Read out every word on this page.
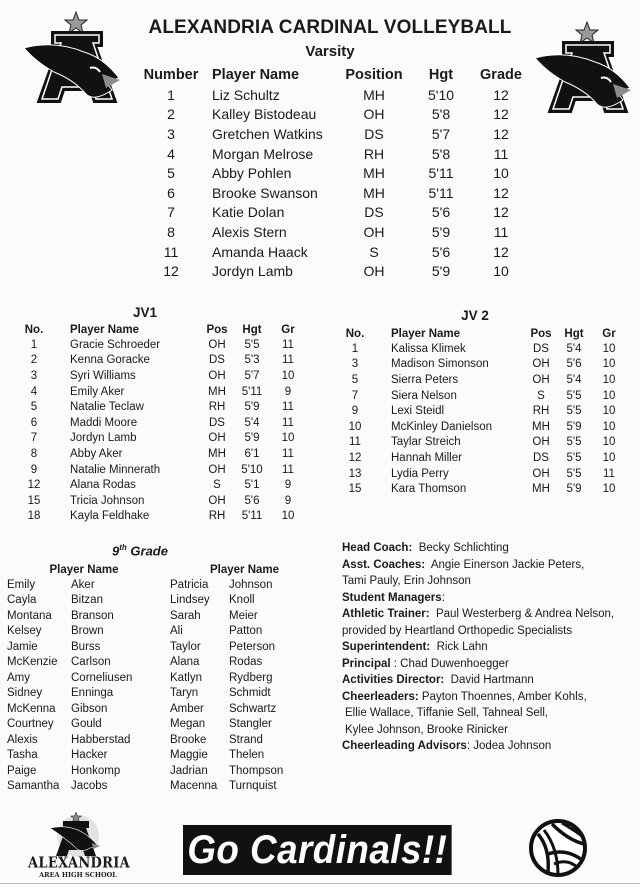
ALEXANDRIA CARDINAL VOLLEYBALL
Varsity
Number	Player Name	Position	Hgt	Grade
1	Liz Schultz	MH	5'10	12
2	Kalley Bistodeau	OH	5'8	12
3	Gretchen Watkins	DS	5'7	12
4	Morgan Melrose	RH	5'8	11
5	Abby Pohlen	MH	5'11	10
6	Brooke Swanson	MH	5'11	12
7	Katie Dolan	DS	5'6	12
8	Alexis Stern	OH	5'9	11
11	Amanda Haack	S	5'6	12
12	Jordyn Lamb	OH	5'9	10
JV1
No.	Player Name	Pos	Hgt	Gr
1	Gracie Schroeder	OH	5'5	11
2	Kenna Goracke	DS	5'3	11
3	Syri Williams	OH	5'7	10
4	Emily Aker	MH	5'11	9
5	Natalie Teclaw	RH	5'9	11
6	Maddi Moore	DS	5'4	11
7	Jordyn Lamb	OH	5'9	10
8	Abby Aker	MH	6'1	11
9	Natalie Minnerath	OH	5'10	11
12	Alana Rodas	S	5'1	9
15	Tricia Johnson	OH	5'6	9
18	Kayla Feldhake	RH	5'11	10
JV 2
No.	Player Name	Pos	Hgt	Gr
1	Kalissa Klimek	DS	5'4	10
3	Madison Simonson	OH	5'6	10
5	Sierra Peters	OH	5'4	10
7	Siera Nelson	S	5'5	10
9	Lexi Steidl	RH	5'5	10
10	McKinley Danielson	MH	5'9	10
11	Taylar Streich	OH	5'5	10
12	Hannah Miller	DS	5'5	10
13	Lydia Perry	OH	5'5	11
15	Kara Thomson	MH	5'9	10
9th Grade
Player Name	
Emily	Aker
Cayla	Bitzan
Montana	Branson
Kelsey	Brown
Jamie	Burss
McKenzie	Carlson
Amy	Corneliusen
Sidney	Enninga
McKenna	Gibson
Courtney	Gould
Alexis	Habberstad
Tasha	Hacker
Paige	Honkomp
Samantha	Jacobs
Player Name	
Patricia	Johnson
Lindsey	Knoll
Sarah	Meier
Ali	Patton
Taylor	Peterson
Alana	Rodas
Katlyn	Rydberg
Taryn	Schmidt
Amber	Schwartz
Megan	Stangler
Brooke	Strand
Maggie	Thelen
Jadrian	Thompson
Macenna	Turnquist
Head Coach: Becky Schlichting
Asst. Coaches: Angie Einerson Jackie Peters,
Tami Pauly, Erin Johnson
Student Managers:
Athletic Trainer: Paul Westerberg & Andrea Nelson,
provided by Heartland Orthopedic Specialists
Superintendent: Rick Lahn
Principal : Chad Duwenhoegger
Activities Director: David Hartmann
Cheerleaders: Payton Thoennes, Amber Kohls,
Ellie Wallace, Tiffanie Sell, Tahneal Sell,
Kylee Johnson, Brooke Rinicker
Cheerleading Advisors: Jodea Johnson
ALEXANDRIA
AREA HIGH SCHOOL
Go Cardinals!!
